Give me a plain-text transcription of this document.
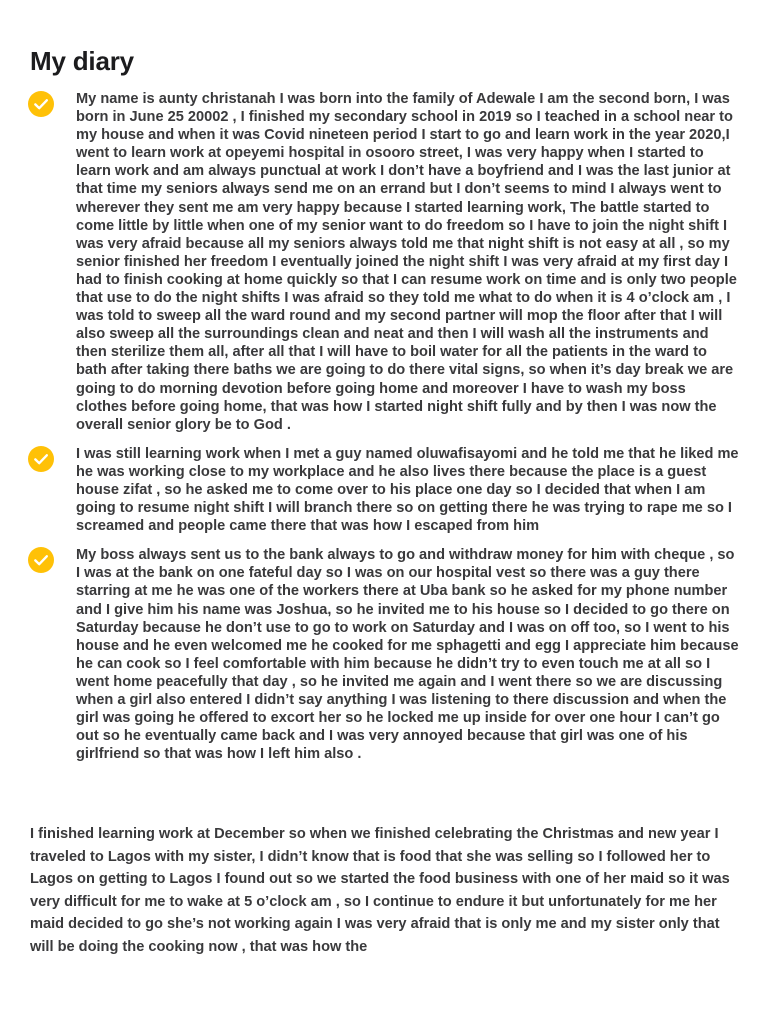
My diary

My name is aunty christanah I was born into the family of Adewale I am the second born, I was born in June 25 20002 , I finished my secondary school in 2019 so I teached in a school near to my house and when it was Covid nineteen period I start to go and learn work in the year 2020,I went to learn work at opeyemi hospital in osooro street, I was very happy when I started to learn work and am always punctual at work I don’t have a boyfriend and I was the last junior at that time my seniors always send me on an errand but I don’t seems to mind I always went to wherever they sent me am very happy because I started learning work, The battle started to come little by little when one of my senior want to do freedom so I have to join the night shift I was very afraid because all my seniors always told me that night shift is not easy at all , so my senior finished her freedom I eventually joined the night shift I was very afraid at my first day I had to finish cooking at home quickly so that I can resume work on time and is only two people that use to do the night shifts I was afraid so they told me what to do when it is 4 o’clock am , I was told to sweep all the ward round and my second partner will mop the floor after that I will also sweep all the surroundings clean and neat and then I will wash all the instruments and then sterilize them all, after all that I will have to boil water for all the patients in the ward to bath after taking there baths we are going to do there vital signs, so when it’s day break we are going to do morning devotion before going home and moreover I have to wash my boss clothes before going home, that was how I started night shift fully and by then I was now the overall senior glory be to God .

I was still learning work when I met a guy named oluwafisayomi and he told me that he liked me he was working close to my workplace and he also lives there because the place is a guest house zifat , so he asked me to come over to his place one day so I decided that when I am going to resume night shift I will branch there so on getting there he was trying to rape me so I screamed and people came there that was how I escaped from him

My boss always sent us to the bank always to go and withdraw money for him with cheque , so I was at the bank on one fateful day so I was on our hospital vest so there was a guy there starring at me he was one of the workers there at Uba bank so he asked for my phone number and I give him his name was Joshua, so he invited me to his house so I decided to go there on Saturday because he don’t use to go to work on Saturday and I was on off too, so I went to his house and he even welcomed me he cooked for me sphagetti and egg I appreciate him because he can cook so I feel comfortable with him because he didn’t try to even touch me at all so I went home peacefully that day , so he invited me again and I went there so we are discussing when a girl also entered I didn’t say anything I was listening to there discussion and when the girl was going he offered to excort her so he locked me up inside for over one hour I can’t go out so he eventually came back and I was very annoyed because that girl was one of his girlfriend so that was how I left him also .

I finished learning work at December so when we finished celebrating the Christmas and new year I traveled to Lagos with my sister, I didn’t know that is food that she was selling so I followed her to Lagos on getting to Lagos I found out so we started the food business with one of her maid so it was very difficult for me to wake at 5 o’clock am , so I continue to endure it but unfortunately for me her maid decided to go she’s not working again I was very afraid that is only me and my sister only that will be doing the cooking now , that was how the
